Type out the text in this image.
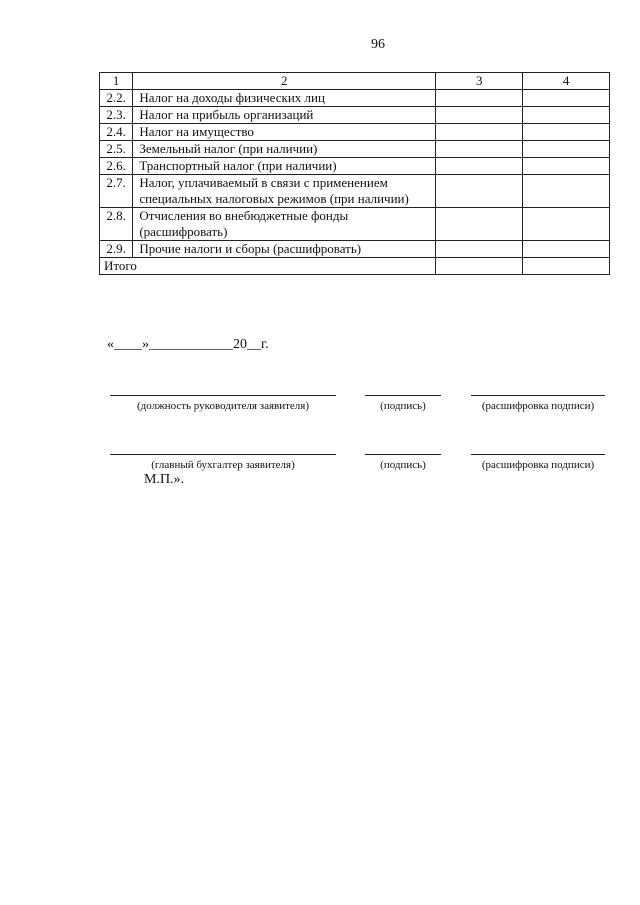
96
1	2	3	4
2.2.	Налог на доходы физических лиц		
2.3.	Налог на прибыль организаций		
2.4.	Налог на имущество		
2.5.	Земельный налог (при наличии)		
2.6.	Транспортный налог (при наличии)		
2.7.	Налог, уплачиваемый в связи с применением специальных налоговых режимов (при наличии)		
2.8.	Отчисления во внебюджетные фонды (расшифровать)		
2.9.	Прочие налоги и сборы (расшифровать)		
Итого			
«____»____________20__г.
(должность руководителя заявителя)	(подпись)	(расшифровка подписи)
(главный бухгалтер заявителя)	(подпись)	(расшифровка подписи)
М.П.».
